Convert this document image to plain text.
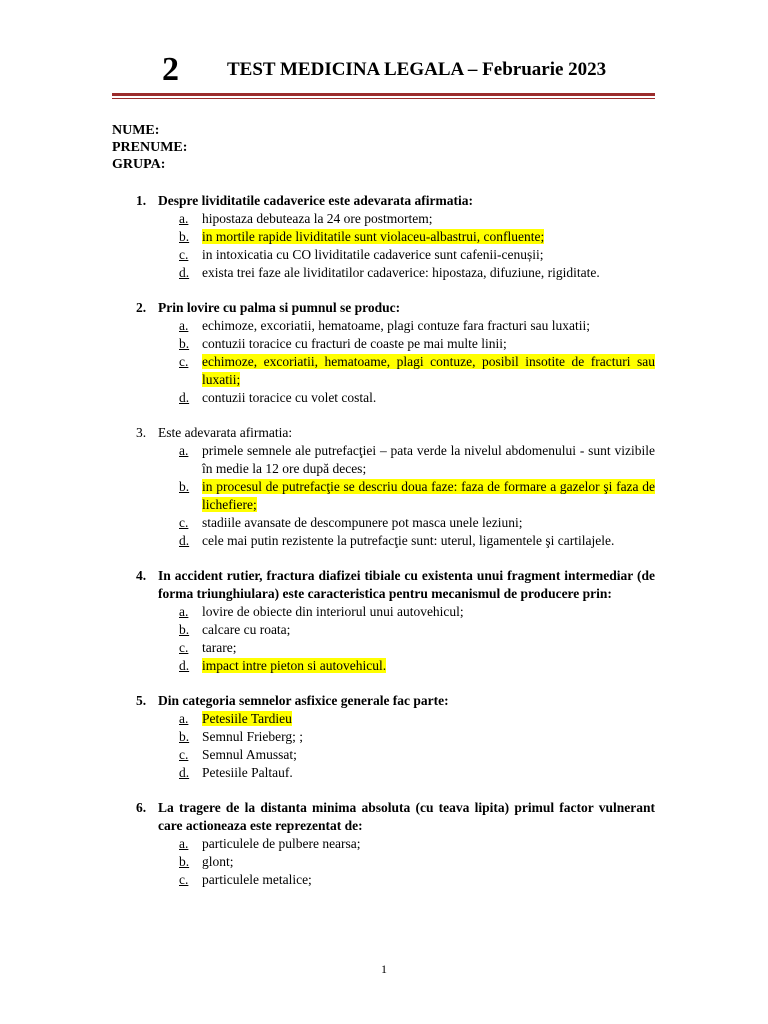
2	TEST MEDICINA LEGALA – Februarie 2023
NUME:
PRENUME:
GRUPA:
1. Despre lividitatile cadaverice este adevarata afirmatia:
a.	hipostaza debuteaza la 24 ore postmortem;
b. in mortile rapide lividitatile sunt violaceu-albastrui, confluente;
c.	in intoxicatia cu CO lividitatile cadaverice sunt cafenii-cenușii;
d. exista trei faze ale lividitatilor cadaverice: hipostaza, difuziune, rigiditate.
2. Prin lovire cu palma si pumnul se produc:
a.	echimoze, excoriatii, hematoame, plagi contuze fara fracturi sau luxatii;
b. contuzii toracice cu fracturi de coaste pe mai multe linii;
c.	echimoze, excoriatii, hematoame, plagi contuze, posibil insotite de fracturi sau luxatii;
d. contuzii toracice cu volet costal.
3. Este adevarata afirmatia:
a.	primele semnele ale putrefacţiei – pata verde la nivelul abdomenului - sunt vizibile în medie la 12 ore după deces;
b. in procesul de putrefacţie se descriu doua faze: faza de formare a gazelor şi faza de lichefiere;
c.	stadiile avansate de descompunere pot masca unele leziuni;
d. cele mai putin rezistente la putrefacţie sunt: uterul, ligamentele şi cartilajele.
4. In accident rutier, fractura diafizei tibiale cu existenta unui fragment intermediar (de forma triunghiulara) este caracteristica pentru mecanismul de producere prin:
a.	lovire de obiecte din interiorul unui autovehicul;
b. calcare cu roata;
c.	tarare;
d. impact intre pieton si autovehicul.
5. Din categoria semnelor asfixice generale fac parte:
a.	Petesiile Tardieu
b. Semnul Frieberg; ;
c.	Semnul Amussat;
d. Petesiile Paltauf.
6. La tragere de la distanta minima absoluta (cu teava lipita) primul factor vulnerant care actioneaza este reprezentat de:
a.	particulele de pulbere nearsa;
b. glont;
c.	particulele metalice;
1
